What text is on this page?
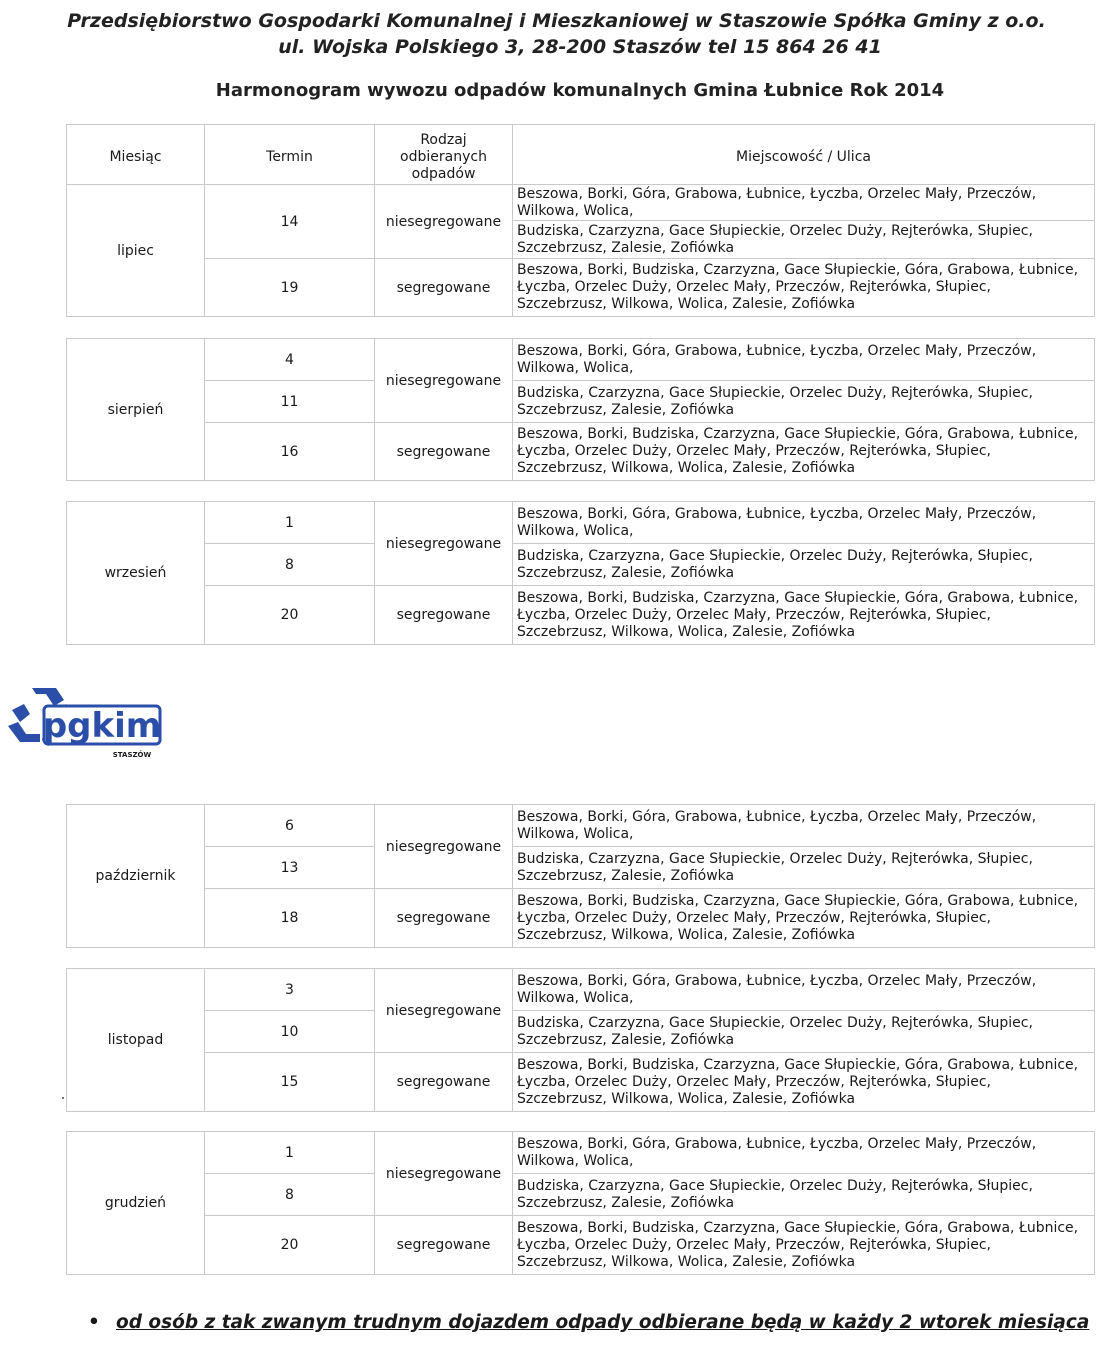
Przedsiębiorstwo Gospodarki Komunalnej i Mieszkaniowej w Staszowie Spółka Gminy z o.o.
ul. Wojska Polskiego 3, 28-200 Staszów tel 15 864 26 41
Harmonogram wywozu odpadów komunalnych Gmina Łubnice Rok 2014
Miesiąc	Termin	Rodzaj
odbieranych
odpadów	Miejscowość / Ulica
lipiec	14	niesegregowane	Beszowa, Borki, Góra, Grabowa, Łubnice, Łyczba, Orzelec Mały, Przeczów,
Wilkowa, Wolica,
			Budziska, Czarzyzna, Gace Słupieckie, Orzelec Duży, Rejterówka, Słupiec,
Szczebrzusz, Zalesie, Zofiówka
	19	segregowane	Beszowa, Borki, Budziska, Czarzyzna, Gace Słupieckie, Góra, Grabowa, Łubnice,
Łyczba, Orzelec Duży, Orzelec Mały, Przeczów, Rejterówka, Słupiec,
Szczebrzusz, Wilkowa, Wolica, Zalesie, Zofiówka
sierpień	4	niesegregowane	Beszowa, Borki, Góra, Grabowa, Łubnice, Łyczba, Orzelec Mały, Przeczów,
Wilkowa, Wolica,
	11		Budziska, Czarzyzna, Gace Słupieckie, Orzelec Duży, Rejterówka, Słupiec,
Szczebrzusz, Zalesie, Zofiówka
	16	segregowane	Beszowa, Borki, Budziska, Czarzyzna, Gace Słupieckie, Góra, Grabowa, Łubnice,
Łyczba, Orzelec Duży, Orzelec Mały, Przeczów, Rejterówka, Słupiec,
Szczebrzusz, Wilkowa, Wolica, Zalesie, Zofiówka
wrzesień	1	niesegregowane	Beszowa, Borki, Góra, Grabowa, Łubnice, Łyczba, Orzelec Mały, Przeczów,
Wilkowa, Wolica,
	8		Budziska, Czarzyzna, Gace Słupieckie, Orzelec Duży, Rejterówka, Słupiec,
Szczebrzusz, Zalesie, Zofiówka
	20	segregowane	Beszowa, Borki, Budziska, Czarzyzna, Gace Słupieckie, Góra, Grabowa, Łubnice,
Łyczba, Orzelec Duży, Orzelec Mały, Przeczów, Rejterówka, Słupiec,
Szczebrzusz, Wilkowa, Wolica, Zalesie, Zofiówka
pgkim
STASZÓW
październik	6	niesegregowane	Beszowa, Borki, Góra, Grabowa, Łubnice, Łyczba, Orzelec Mały, Przeczów,
Wilkowa, Wolica,
	13		Budziska, Czarzyzna, Gace Słupieckie, Orzelec Duży, Rejterówka, Słupiec,
Szczebrzusz, Zalesie, Zofiówka
	18	segregowane	Beszowa, Borki, Budziska, Czarzyzna, Gace Słupieckie, Góra, Grabowa, Łubnice,
Łyczba, Orzelec Duży, Orzelec Mały, Przeczów, Rejterówka, Słupiec,
Szczebrzusz, Wilkowa, Wolica, Zalesie, Zofiówka
listopad	3	niesegregowane	Beszowa, Borki, Góra, Grabowa, Łubnice, Łyczba, Orzelec Mały, Przeczów,
Wilkowa, Wolica,
	10		Budziska, Czarzyzna, Gace Słupieckie, Orzelec Duży, Rejterówka, Słupiec,
Szczebrzusz, Zalesie, Zofiówka
	15	segregowane	Beszowa, Borki, Budziska, Czarzyzna, Gace Słupieckie, Góra, Grabowa, Łubnice,
Łyczba, Orzelec Duży, Orzelec Mały, Przeczów, Rejterówka, Słupiec,
Szczebrzusz, Wilkowa, Wolica, Zalesie, Zofiówka
grudzień	1	niesegregowane	Beszowa, Borki, Góra, Grabowa, Łubnice, Łyczba, Orzelec Mały, Przeczów,
Wilkowa, Wolica,
	8		Budziska, Czarzyzna, Gace Słupieckie, Orzelec Duży, Rejterówka, Słupiec,
Szczebrzusz, Zalesie, Zofiówka
	20	segregowane	Beszowa, Borki, Budziska, Czarzyzna, Gace Słupieckie, Góra, Grabowa, Łubnice,
Łyczba, Orzelec Duży, Orzelec Mały, Przeczów, Rejterówka, Słupiec,
Szczebrzusz, Wilkowa, Wolica, Zalesie, Zofiówka
• od osób z tak zwanym trudnym dojazdem odpady odbierane będą w każdy 2 wtorek miesiąca
